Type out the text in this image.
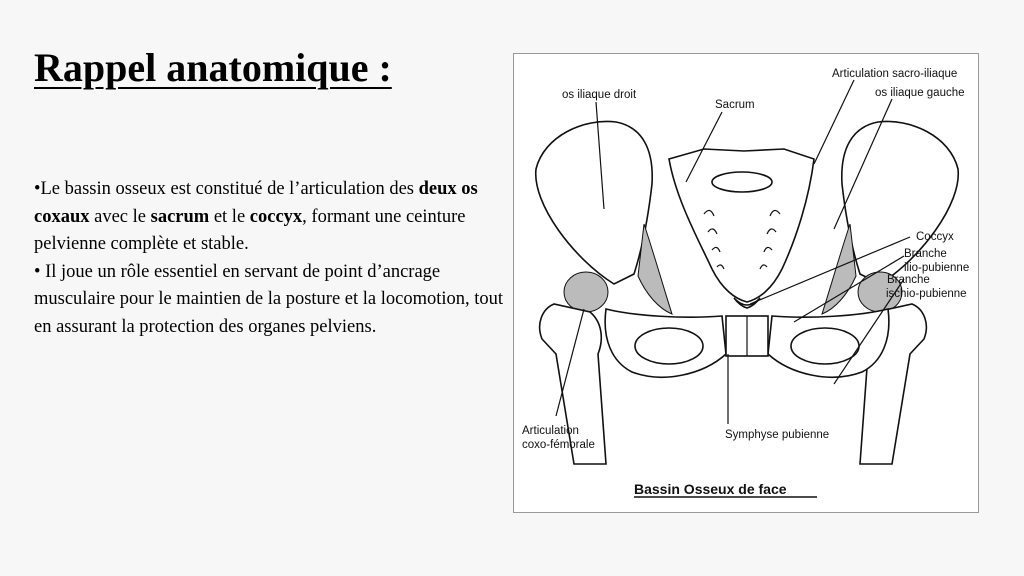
Rappel anatomique :

•Le bassin osseux est constitué de l’articulation des deux os coxaux avec le sacrum et le coccyx, formant une ceinture pelvienne complète et stable.

• Il joue un rôle essentiel en servant de point d’ancrage musculaire pour le maintien de la posture et la locomotion, tout en assurant la protection des organes pelviens.

Articulation sacro-iliaque
os iliaque gauche
os iliaque droit
Sacrum
Coccyx
Branche
ilio-pubienne
Branche
ischio-pubienne
Articulation
coxo-fémorale
Symphyse pubienne
Bassin Osseux de face
